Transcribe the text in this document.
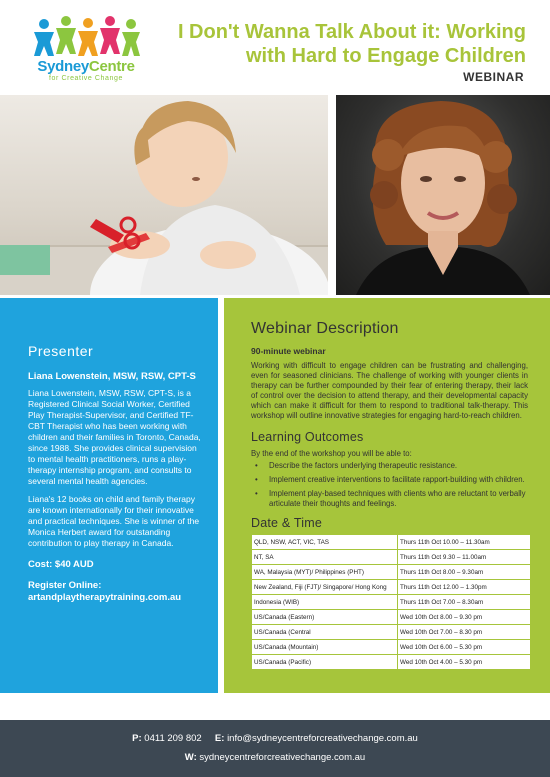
SydneyCentre
for Creative Change
I Don't Wanna Talk About it: Working with Hard to Engage Children
WEBINAR
Presenter
Liana Lowenstein, MSW, RSW, CPT-S

Liana Lowenstein, MSW, RSW, CPT-S, is a Registered Clinical Social Worker, Certified Play Therapist-Supervisor, and Certified TF-CBT Therapist who has been working with children and their families in Toronto, Canada, since 1988. She provides clinical supervision to mental health practitioners, runs a play-therapy internship program, and consults to several mental health agencies.

Liana's 12 books on child and family therapy are known internationally for their innovative and practical techniques. She is winner of the Monica Herbert award for outstanding contribution to play therapy in Canada.

Cost: $40 AUD
Register Online:
artandplaytherapytraining.com.au
Webinar Description
90-minute webinar

Working with difficult to engage children can be frustrating and challenging, even for seasoned clinicians. The challenge of working with younger clients in therapy can be further compounded by their fear of entering therapy, their lack of control over the decision to attend therapy, and their developmental capacity which can make it difficult for them to respond to traditional talk-therapy. This workshop will outline innovative strategies for engaging hard-to-reach children.

Learning Outcomes
By the end of the workshop you will be able to:
• Describe the factors underlying therapeutic resistance.
• Implement creative interventions to facilitate rapport-building with children.
• Implement play-based techniques with clients who are reluctant to verbally articulate their thoughts and feelings.
Date & Time
QLD, NSW, ACT, VIC, TAS	Thurs 11th Oct 10.00 – 11.30am
NT, SA	Thurs 11th Oct 9.30 – 11.00am
WA, Malaysia (MYT)/ Philippines (PHT)	Thurs 11th Oct 8.00 – 9.30am
New Zealand, Fiji (FJT)/ Singapore/ Hong Kong	Thurs 11th Oct 12.00 – 1.30pm
Indonesia (WIB)	Thurs 11th Oct 7.00 – 8.30am
US/Canada (Eastern)	Wed 10th Oct 8.00 – 9.30 pm
US/Canada (Central	Wed 10th Oct 7.00 – 8.30 pm
US/Canada (Mountain)	Wed 10th Oct 6.00 – 5.30 pm
US/Canada (Pacific)	Wed 10th Oct 4.00 – 5.30 pm
P: 0411 209 802 E: info@sydneycentreforcreativechange.com.au
W: sydneycentreforcreativechange.com.au
